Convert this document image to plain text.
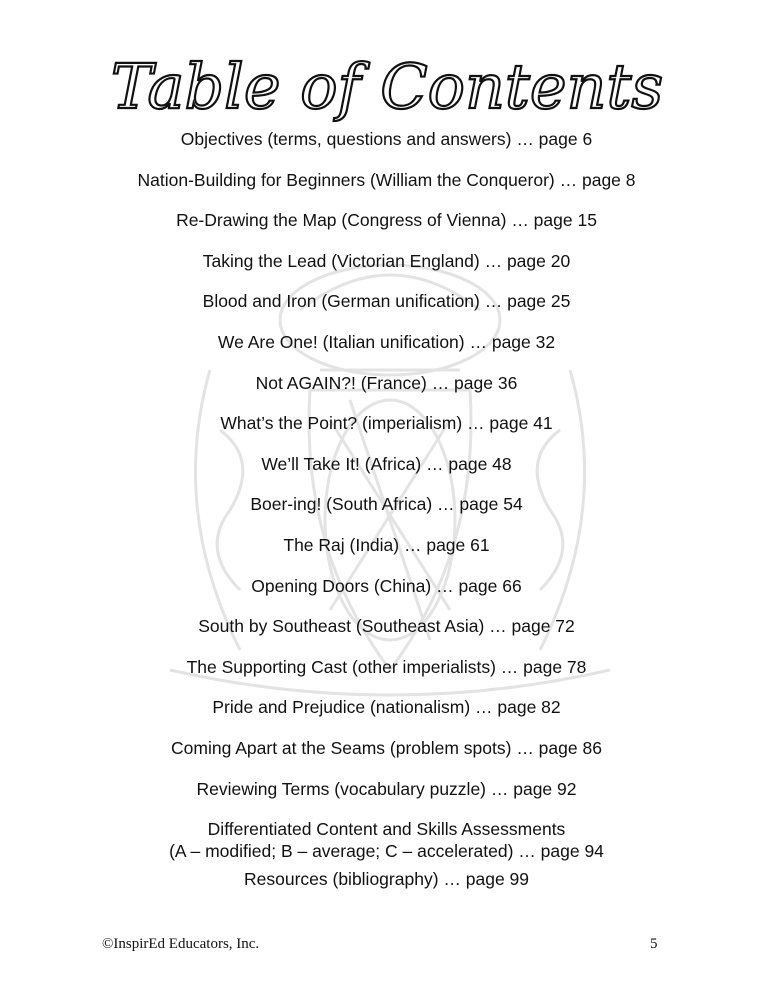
Table of Contents
Objectives (terms, questions and answers) … page 6
Nation-Building for Beginners (William the Conqueror) … page 8
Re-Drawing the Map (Congress of Vienna) … page 15
Taking the Lead (Victorian England) … page 20
Blood and Iron (German unification) … page 25
We Are One! (Italian unification) … page 32
Not AGAIN?! (France) … page 36
What’s the Point? (imperialism) … page 41
We’ll Take It! (Africa) … page 48
Boer-ing! (South Africa) … page 54
The Raj (India) … page 61
Opening Doors (China) … page 66
South by Southeast (Southeast Asia) … page 72
The Supporting Cast (other imperialists) … page 78
Pride and Prejudice (nationalism) … page 82
Coming Apart at the Seams (problem spots) … page 86
Reviewing Terms (vocabulary puzzle) … page 92
Differentiated Content and Skills Assessments
(A – modified; B – average; C – accelerated) … page 94
Resources (bibliography) … page 99
©InspirEd Educators, Inc.	5
